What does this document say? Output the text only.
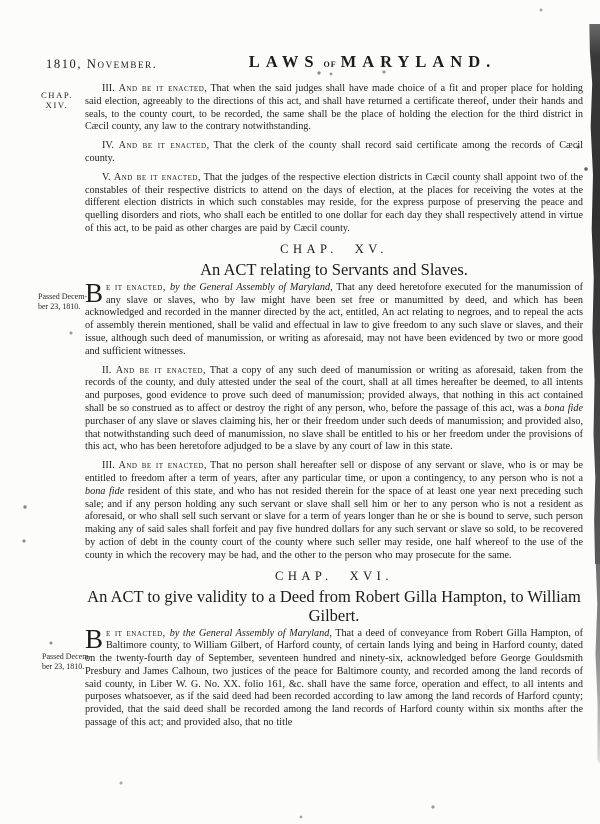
1810, November.	LAWS of MARYLAND.
CHAP.
XIV.
Passed Decem-
ber 23, 1810.
Passed Decem-
ber 23, 1810.

III. And be it enacted, That when the said judges shall have made choice of a fit and proper place for holding said election, agreeably to the directions of this act, and shall have returned a certificate thereof, under their hands and seals, to the county court, to be recorded, the same shall be the place of holding the election for the third district in Cæcil county, any law to the contrary notwithstanding.

IV. And be it enacted, That the clerk of the county shall record said certificate among the records of Cæcil county.

V. And be it enacted, That the judges of the respective election districts in Cæcil county shall appoint two of the constables of their respective districts to attend on the days of election, at the places for receiving the votes at the different election districts in which such constables may reside, for the express purpose of preserving the peace and quelling disorders and riots, who shall each be entitled to one dollar for each day they shall respectively attend in virtue of this act, to be paid as other charges are paid by Cæcil county.

CHAP. XV.
An ACT relating to Servants and Slaves.

Be it enacted, by the General Assembly of Maryland, That any deed heretofore executed for the manumission of any slave or slaves, who by law might have been set free or manumitted by deed, and which has been acknowledged and recorded in the manner directed by the act, entitled, An act relating to negroes, and to repeal the acts of assembly therein mentioned, shall be valid and effectual in law to give freedom to any such slave or slaves, and their issue, although such deed of manumission, or writing as aforesaid, may not have been evidenced by two or more good and sufficient witnesses.

II. And be it enacted, That a copy of any such deed of manumission or writing as aforesaid, taken from the records of the county, and duly attested under the seal of the court, shall at all times hereafter be deemed, to all intents and purposes, good evidence to prove such deed of manumission; provided always, that nothing in this act contained shall be so construed as to affect or destroy the right of any person, who, before the passage of this act, was a bona fide purchaser of any slave or slaves claiming his, her or their freedom under such deeds of manumission; and provided also, that notwithstanding such deed of manumission, no slave shall be entitled to his or her freedom under the provisions of this act, who has been heretofore adjudged to be a slave by any court of law in this state.

III. And be it enacted, That no person shall hereafter sell or dispose of any servant or slave, who is or may be entitled to freedom after a term of years, after any particular time, or upon a contingency, to any person who is not a bona fide resident of this state, and who has not resided therein for the space of at least one year next preceding such sale; and if any person holding any such servant or slave shall sell him or her to any person who is not a resident as aforesaid, or who shall sell such servant or slave for a term of years longer than he or she is bound to serve, such person making any of said sales shall forfeit and pay five hundred dollars for any such servant or slave so sold, to be recovered by action of debt in the county court of the county where such seller may reside, one half whereof to the use of the county in which the recovery may be had, and the other to the person who may prosecute for the same.

CHAP. XVI.
An ACT to give validity to a Deed from Robert Gilla Hampton, to William Gilbert.

Be it enacted, by the General Assembly of Maryland, That a deed of conveyance from Robert Gilla Hampton, of Baltimore county, to William Gilbert, of Harford county, of certain lands lying and being in Harford county, dated on the twenty-fourth day of September, seventeen hundred and ninety-six, acknowledged before George Gouldsmith Presbury and James Calhoun, two justices of the peace for Baltimore county, and recorded among the land records of said county, in Liber W. G. No. XX. folio 161, &c. shall have the same force, operation and effect, to all intents and purposes whatsoever, as if the said deed had been recorded according to law among the land records of Harford county; provided, that the said deed shall be recorded among the land records of Harford county within six months after the passage of this act; and provided also, that no title
